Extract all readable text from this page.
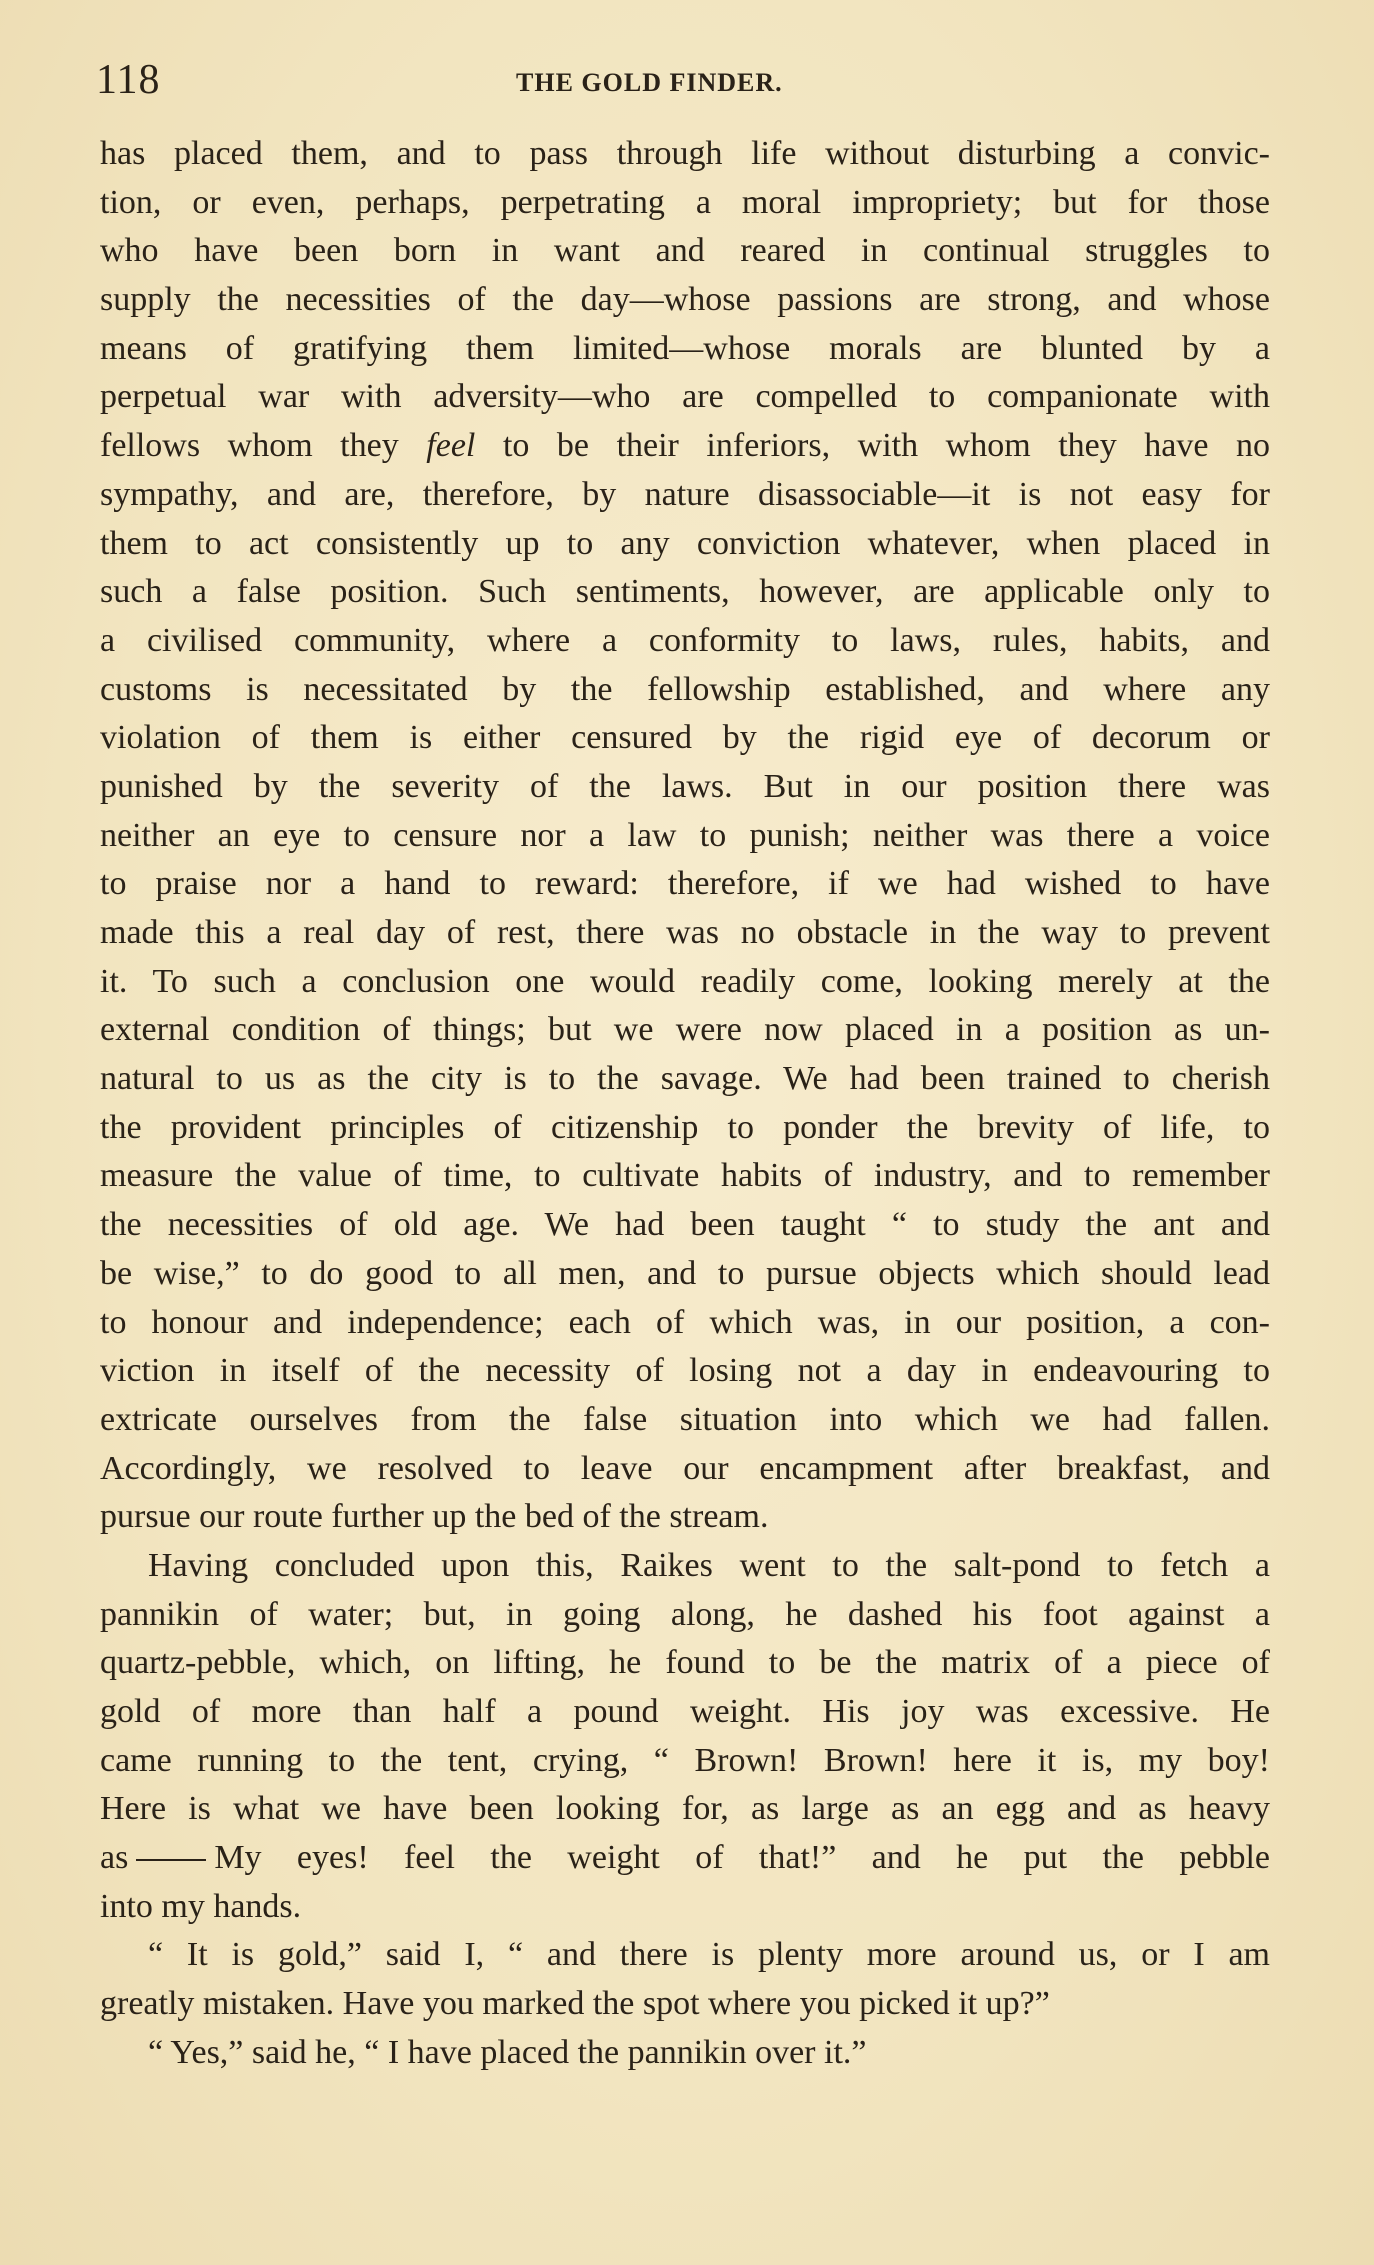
118	THE GOLD FINDER.
has placed them, and to pass through life without disturbing a convic-
tion, or even, perhaps, perpetrating a moral impropriety; but for those
who have been born in want and reared in continual struggles to
supply the necessities of the day—whose passions are strong, and whose
means of gratifying them limited—whose morals are blunted by a
perpetual war with adversity—who are compelled to companionate with
fellows whom they feel to be their inferiors, with whom they have no
sympathy, and are, therefore, by nature disassociable—it is not easy for
them to act consistently up to any conviction whatever, when placed in
such a false position. Such sentiments, however, are applicable only to
a civilised community, where a conformity to laws, rules, habits, and
customs is necessitated by the fellowship established, and where any
violation of them is either censured by the rigid eye of decorum or
punished by the severity of the laws. But in our position there was
neither an eye to censure nor a law to punish; neither was there a voice
to praise nor a hand to reward: therefore, if we had wished to have
made this a real day of rest, there was no obstacle in the way to prevent
it. To such a conclusion one would readily come, looking merely at the
external condition of things; but we were now placed in a position as un-
natural to us as the city is to the savage. We had been trained to cherish
the provident principles of citizenship to ponder the brevity of life, to
measure the value of time, to cultivate habits of industry, and to remember
the necessities of old age. We had been taught “ to study the ant and
be wise,” to do good to all men, and to pursue objects which should lead
to honour and independence; each of which was, in our position, a con-
viction in itself of the necessity of losing not a day in endeavouring to
extricate ourselves from the false situation into which we had fallen.
Accordingly, we resolved to leave our encampment after breakfast, and
pursue our route further up the bed of the stream.
Having concluded upon this, Raikes went to the salt-pond to fetch a
pannikin of water; but, in going along, he dashed his foot against a
quartz-pebble, which, on lifting, he found to be the matrix of a piece of
gold of more than half a pound weight. His joy was excessive. He
came running to the tent, crying, “ Brown! Brown! here it is, my boy!
Here is what we have been looking for, as large as an egg and as heavy
as	My eyes! feel the weight of that!” and he put the pebble
into my hands.
“ It is gold,” said I, “ and there is plenty more around us, or I am
greatly mistaken. Have you marked the spot where you picked it up?”
“ Yes,” said he, “ I have placed the pannikin over it.”
